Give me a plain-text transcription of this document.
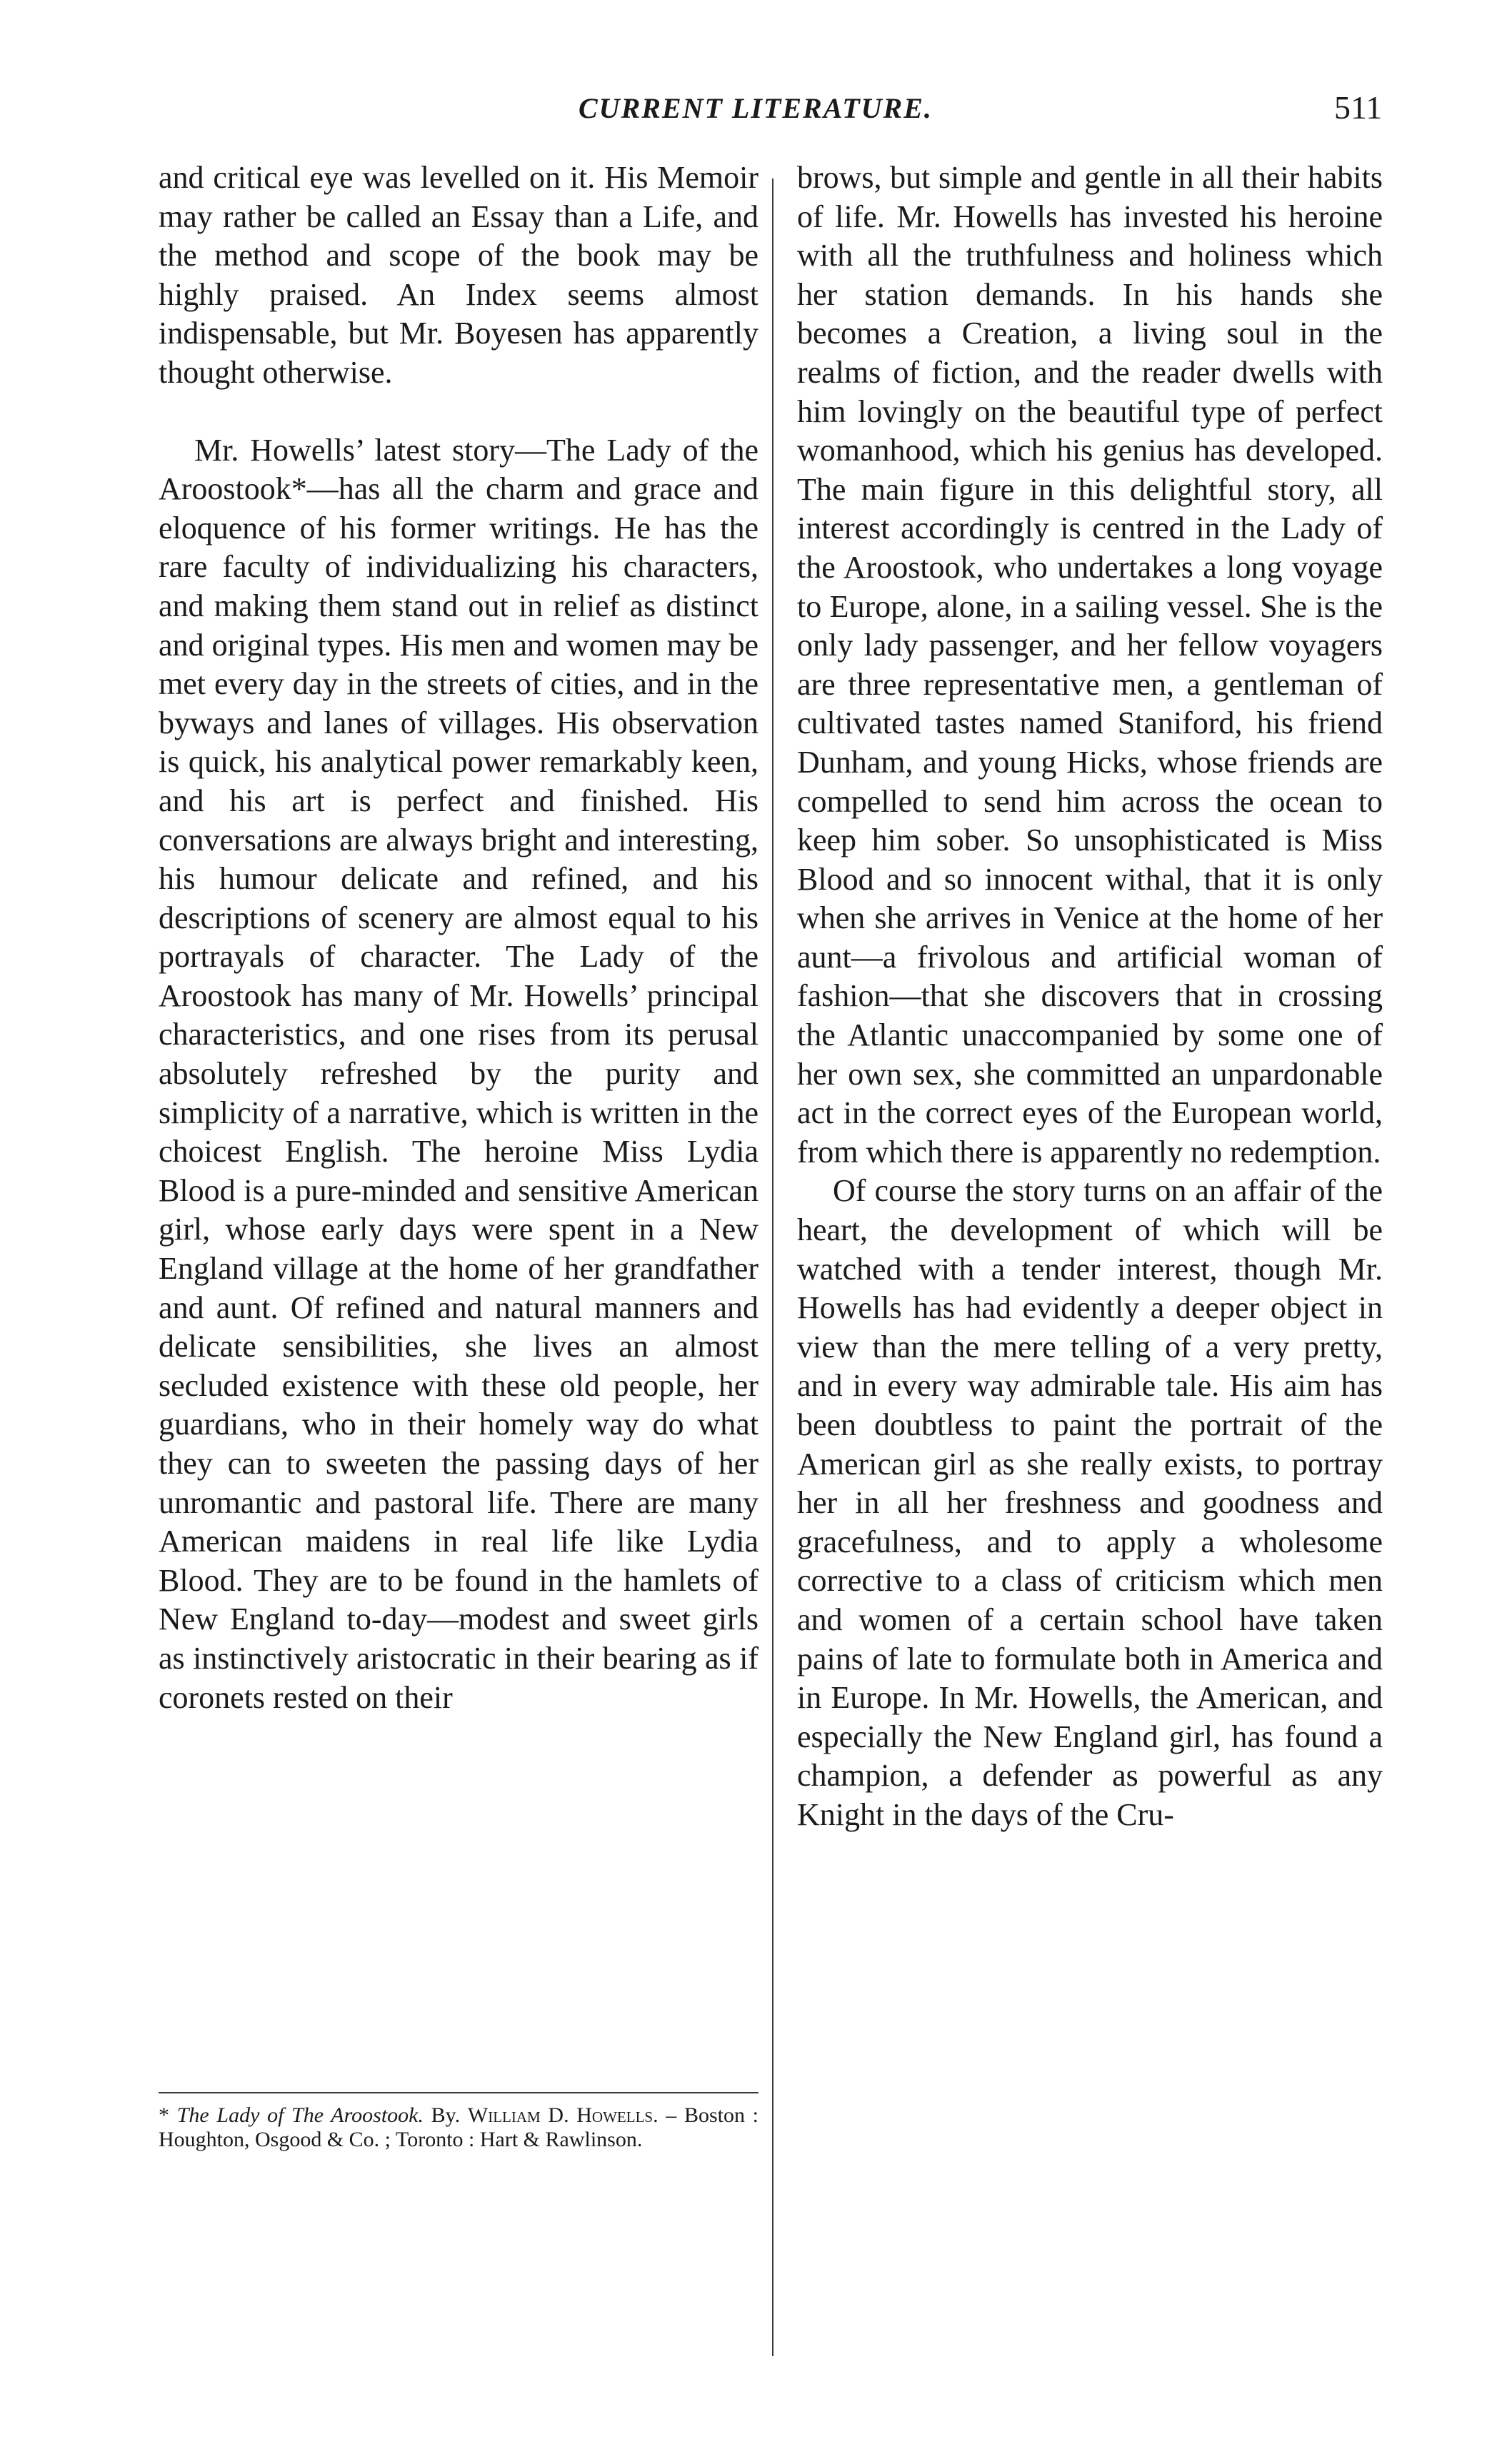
CURRENT LITERATURE.	511

and critical eye was levelled on it. His Memoir may rather be called an Essay than a Life, and the method and scope of the book may be highly praised. An Index seems almost indispensable, but Mr. Boyesen has apparently thought otherwise.

Mr. Howells’ latest story—The Lady of the Aroostook*—has all the charm and grace and eloquence of his former writings. He has the rare faculty of individualizing his characters, and making them stand out in relief as distinct and original types. His men and women may be met every day in the streets of cities, and in the byways and lanes of villages. His observation is quick, his analytical power remarkably keen, and his art is perfect and finished. His conversations are always bright and interesting, his humour delicate and refined, and his descriptions of scenery are almost equal to his portrayals of character. The Lady of the Aroostook has many of Mr. Howells’ principal characteristics, and one rises from its perusal absolutely refreshed by the purity and simplicity of a narrative, which is written in the choicest English. The heroine Miss Lydia Blood is a pure-minded and sensitive American girl, whose early days were spent in a New England village at the home of her grandfather and aunt. Of refined and natural manners and delicate sensibilities, she lives an almost secluded existence with these old people, her guardians, who in their homely way do what they can to sweeten the passing days of her unromantic and pastoral life. There are many American maidens in real life like Lydia Blood. They are to be found in the hamlets of New England to-day—modest and sweet girls as instinctively aristocratic in their bearing as if coronets rested on their

brows, but simple and gentle in all their habits of life. Mr. Howells has invested his heroine with all the truthfulness and holiness which her station demands. In his hands she becomes a Creation, a living soul in the realms of fiction, and the reader dwells with him lovingly on the beautiful type of perfect womanhood, which his genius has developed. The main figure in this delightful story, all interest accordingly is centred in the Lady of the Aroostook, who undertakes a long voyage to Europe, alone, in a sailing vessel. She is the only lady passenger, and her fellow voyagers are three representative men, a gentleman of cultivated tastes named Staniford, his friend Dunham, and young Hicks, whose friends are compelled to send him across the ocean to keep him sober. So unsophisticated is Miss Blood and so innocent withal, that it is only when she arrives in Venice at the home of her aunt—a frivolous and artificial woman of fashion—that she discovers that in crossing the Atlantic unaccompanied by some one of her own sex, she committed an unpardonable act in the correct eyes of the European world, from which there is apparently no redemption.

Of course the story turns on an affair of the heart, the development of which will be watched with a tender interest, though Mr. Howells has had evidently a deeper object in view than the mere telling of a very pretty, and in every way admirable tale. His aim has been doubtless to paint the portrait of the American girl as she really exists, to portray her in all her freshness and goodness and gracefulness, and to apply a wholesome corrective to a class of criticism which men and women of a certain school have taken pains of late to formulate both in America and in Europe. In Mr. Howells, the American, and especially the New England girl, has found a champion, a defender as powerful as any Knight in the days of the Cru-

* The Lady of The Aroostook. By. William D. Howells. – Boston : Houghton, Osgood & Co. ; Toronto : Hart & Rawlinson.
